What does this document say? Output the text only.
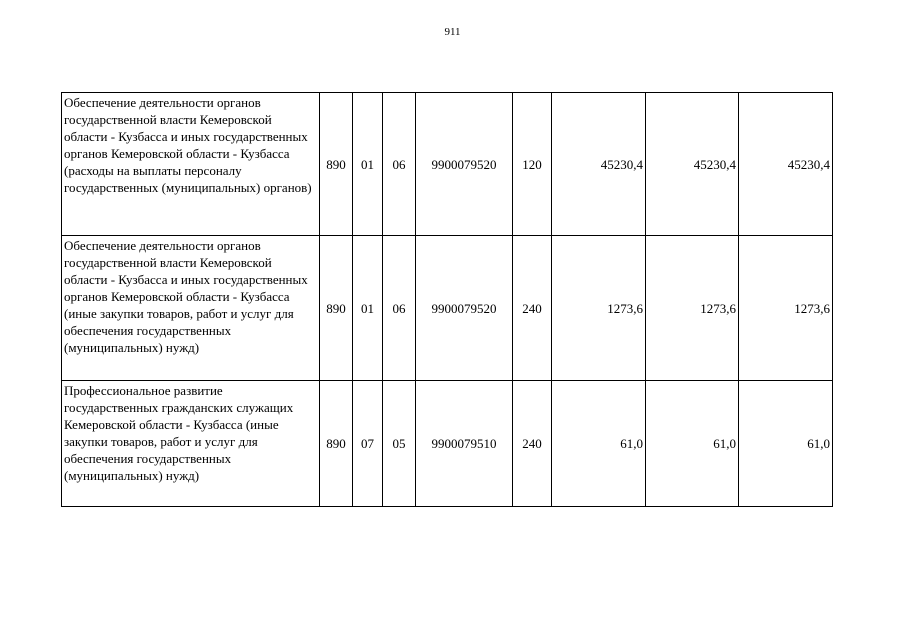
911
Обеспечение деятельности органов государственной власти Кемеровской области - Кузбасса и иных государственных органов Кемеровской области - Кузбасса (расходы на выплаты персоналу государственных (муниципальных) органов)	890	01	06	9900079520	120	45230,4	45230,4	45230,4
Обеспечение деятельности органов государственной власти Кемеровской области - Кузбасса и иных государственных органов Кемеровской области - Кузбасса (иные закупки товаров, работ и услуг для обеспечения государственных (муниципальных) нужд)	890	01	06	9900079520	240	1273,6	1273,6	1273,6
Профессиональное развитие государственных гражданских служащих Кемеровской области - Кузбасса (иные закупки товаров, работ и услуг для обеспечения государственных (муниципальных) нужд)	890	07	05	9900079510	240	61,0	61,0	61,0
